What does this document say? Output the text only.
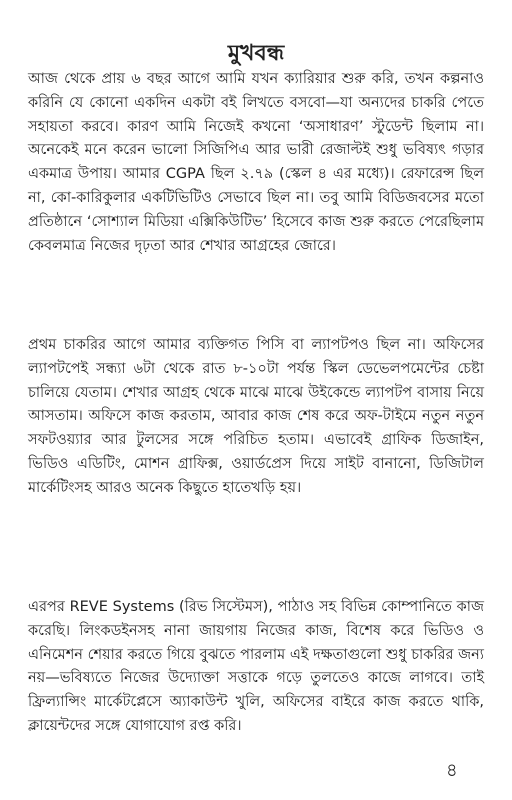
মুখবন্ধ

আজ থেকে প্রায় ৬ বছর আগে আমি যখন ক্যারিয়ার শুরু করি, তখন কল্পনাও করিনি যে কোনো একদিন একটা বই লিখতে বসবো—যা অন্যদের চাকরি পেতে সহায়তা করবে। কারণ আমি নিজেই কখনো ‘অসাধারণ’ স্টুডেন্ট ছিলাম না। অনেকেই মনে করেন ভালো সিজিপিএ আর ভারী রেজাল্টই শুধু ভবিষ্যৎ গড়ার একমাত্র উপায়। আমার CGPA ছিল ২.৭৯ (স্কেল ৪ এর মধ্যে)। রেফারেন্স ছিল না, কো-কারিকুলার একটিভিটিও সেভাবে ছিল না। তবু আমি বিডিজবসের মতো প্রতিষ্ঠানে ‘সোশ্যাল মিডিয়া এক্সিকিউটিভ’ হিসেবে কাজ শুরু করতে পেরেছিলাম কেবলমাত্র নিজের দৃঢ়তা আর শেখার আগ্রহের জোরে।

প্রথম চাকরির আগে আমার ব্যক্তিগত পিসি বা ল্যাপটপও ছিল না। অফিসের ল্যাপটপেই সন্ধ্যা ৬টা থেকে রাত ৮-১০টা পর্যন্ত স্কিল ডেভেলপমেন্টের চেষ্টা চালিয়ে যেতাম। শেখার আগ্রহ থেকে মাঝে মাঝে উইকেন্ডে ল্যাপটপ বাসায় নিয়ে আসতাম। অফিসে কাজ করতাম, আবার কাজ শেষ করে অফ-টাইমে নতুন নতুন সফটওয়্যার আর টুলসের সঙ্গে পরিচিত হতাম। এভাবেই গ্রাফিক ডিজাইন, ভিডিও এডিটিং, মোশন গ্রাফিক্স, ওয়ার্ডপ্রেস দিয়ে সাইট বানানো, ডিজিটাল মার্কেটিংসহ আরও অনেক কিছুতে হাতেখড়ি হয়।

এরপর REVE Systems (রিভ সিস্টেমস), পাঠাও সহ বিভিন্ন কোম্পানিতে কাজ করেছি। লিংকডইনসহ নানা জায়গায় নিজের কাজ, বিশেষ করে ভিডিও ও এনিমেশন শেয়ার করতে গিয়ে বুঝতে পারলাম এই দক্ষতাগুলো শুধু চাকরির জন্য নয়—ভবিষ্যতে নিজের উদ্যোক্তা সত্তাকে গড়ে তুলতেও কাজে লাগবে। তাই ফ্রিল্যান্সিং মার্কেটপ্লেসে অ্যাকাউন্ট খুলি, অফিসের বাইরে কাজ করতে থাকি, ক্লায়েন্টদের সঙ্গে যোগাযোগ রপ্ত করি।

৪
